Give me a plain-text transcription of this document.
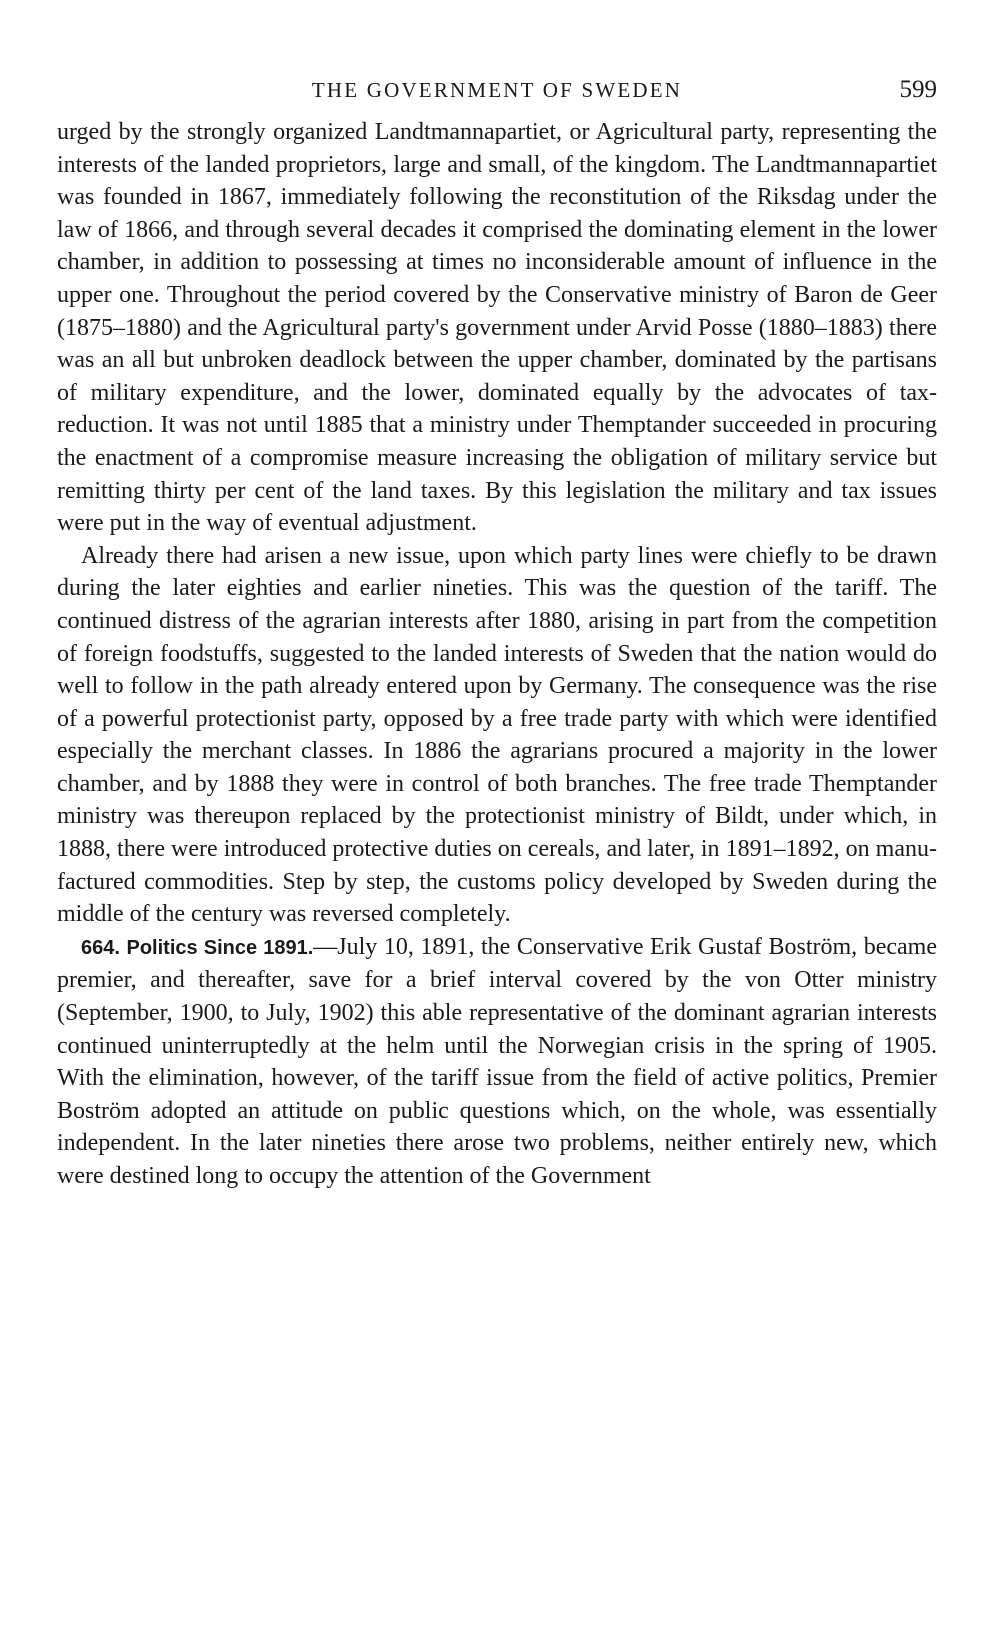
THE GOVERNMENT OF SWEDEN	599

urged by the strongly organized Landtmannapartiet, or Agricultural party, representing the interests of the landed proprietors, large and small, of the kingdom. The Landtmannapartiet was founded in 1867, immediately following the reconstitution of the Riksdag under the law of 1866, and through several decades it comprised the dominating element in the lower chamber, in addition to possessing at times no inconsiderable amount of influence in the upper one. Throughout the period covered by the Conservative ministry of Baron de Geer (1875–1880) and the Agricultural party's government under Arvid Posse (1880–1883) there was an all but unbroken deadlock between the upper chamber, dominated by the partisans of military expenditure, and the lower, dominated equally by the advocates of tax-reduction. It was not until 1885 that a ministry under Themptander succeeded in procuring the enactment of a compromise measure increasing the obligation of military service but remitting thirty per cent of the land taxes. By this legislation the military and tax issues were put in the way of eventual adjustment.

Already there had arisen a new issue, upon which party lines were chiefly to be drawn during the later eighties and earlier nineties. This was the question of the tariff. The continued distress of the agrarian interests after 1880, arising in part from the competition of foreign foodstuffs, suggested to the landed interests of Sweden that the nation would do well to follow in the path already entered upon by Germany. The consequence was the rise of a powerful protectionist party, opposed by a free trade party with which were identified especially the merchant classes. In 1886 the agrarians procured a majority in the lower chamber, and by 1888 they were in control of both branches. The free trade Themptander ministry was thereupon replaced by the protectionist ministry of Bildt, under which, in 1888, there were introduced protective duties on cereals, and later, in 1891–1892, on manufactured commodities. Step by step, the customs policy developed by Sweden during the middle of the century was reversed completely.

664. Politics Since 1891.—July 10, 1891, the Conservative Erik Gustaf Boström, became premier, and thereafter, save for a brief interval covered by the von Otter ministry (September, 1900, to July, 1902) this able representative of the dominant agrarian interests continued uninterruptedly at the helm until the Norwegian crisis in the spring of 1905. With the elimination, however, of the tariff issue from the field of active politics, Premier Boström adopted an attitude on public questions which, on the whole, was essentially independent. In the later nineties there arose two problems, neither entirely new, which were destined long to occupy the attention of the Government
